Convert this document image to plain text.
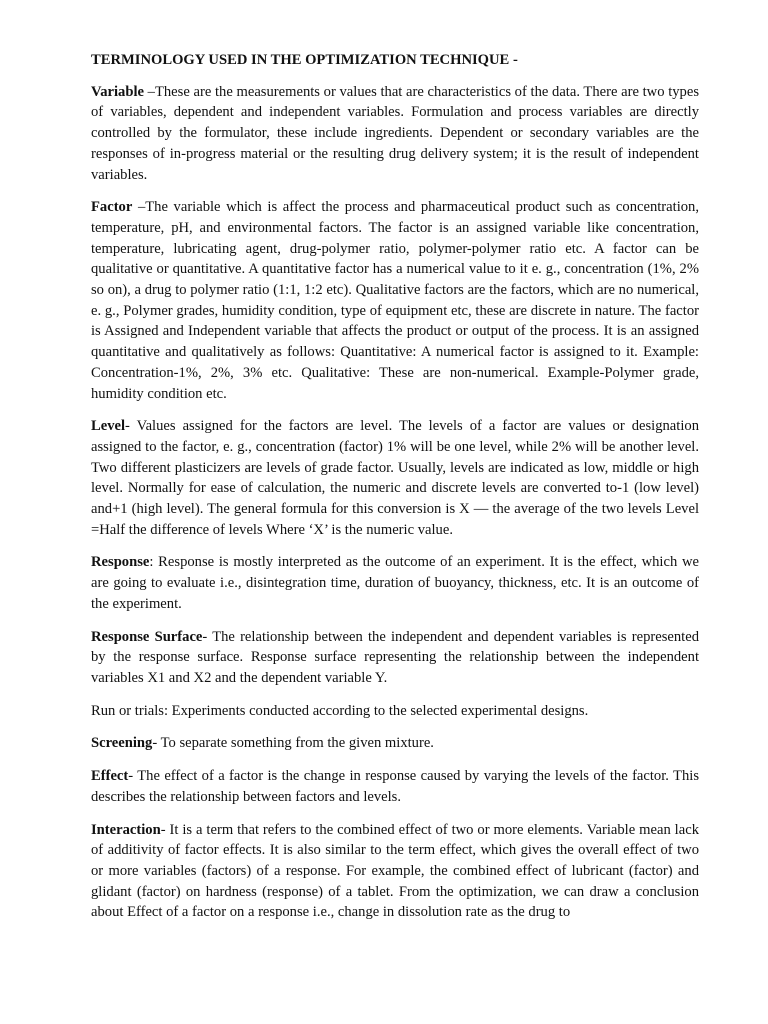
TERMINOLOGY USED IN THE OPTIMIZATION TECHNIQUE -

Variable –These are the measurements or values that are characteristics of the data. There are two types of variables, dependent and independent variables. Formulation and process variables are directly controlled by the formulator, these include ingredients. Dependent or secondary variables are the responses of in-progress material or the resulting drug delivery system; it is the result of independent variables.

Factor –The variable which is affect the process and pharmaceutical product such as concentration, temperature, pH, and environmental factors. The factor is an assigned variable like concentration, temperature, lubricating agent, drug-polymer ratio, polymer-polymer ratio etc. A factor can be qualitative or quantitative. A quantitative factor has a numerical value to it e. g., concentration (1%, 2% so on), a drug to polymer ratio (1:1, 1:2 etc). Qualitative factors are the factors, which are no numerical, e. g., Polymer grades, humidity condition, type of equipment etc, these are discrete in nature. The factor is Assigned and Independent variable that affects the product or output of the process. It is an assigned quantitative and qualitatively as follows: Quantitative: A numerical factor is assigned to it. Example: Concentration-1%, 2%, 3% etc. Qualitative: These are non-numerical. Example-Polymer grade, humidity condition etc.

Level- Values assigned for the factors are level. The levels of a factor are values or designation assigned to the factor, e. g., concentration (factor) 1% will be one level, while 2% will be another level. Two different plasticizers are levels of grade factor. Usually, levels are indicated as low, middle or high level. Normally for ease of calculation, the numeric and discrete levels are converted to-1 (low level) and+1 (high level). The general formula for this conversion is X — the average of the two levels Level =Half the difference of levels Where ‘X’ is the numeric value.

Response: Response is mostly interpreted as the outcome of an experiment. It is the effect, which we are going to evaluate i.e., disintegration time, duration of buoyancy, thickness, etc. It is an outcome of the experiment.

Response Surface- The relationship between the independent and dependent variables is represented by the response surface. Response surface representing the relationship between the independent variables X1 and X2 and the dependent variable Y.

Run or trials: Experiments conducted according to the selected experimental designs.

Screening- To separate something from the given mixture.

Effect- The effect of a factor is the change in response caused by varying the levels of the factor. This describes the relationship between factors and levels.

Interaction- It is a term that refers to the combined effect of two or more elements. Variable mean lack of additivity of factor effects. It is also similar to the term effect, which gives the overall effect of two or more variables (factors) of a response. For example, the combined effect of lubricant (factor) and glidant (factor) on hardness (response) of a tablet. From the optimization, we can draw a conclusion about Effect of a factor on a response i.e., change in dissolution rate as the drug to
